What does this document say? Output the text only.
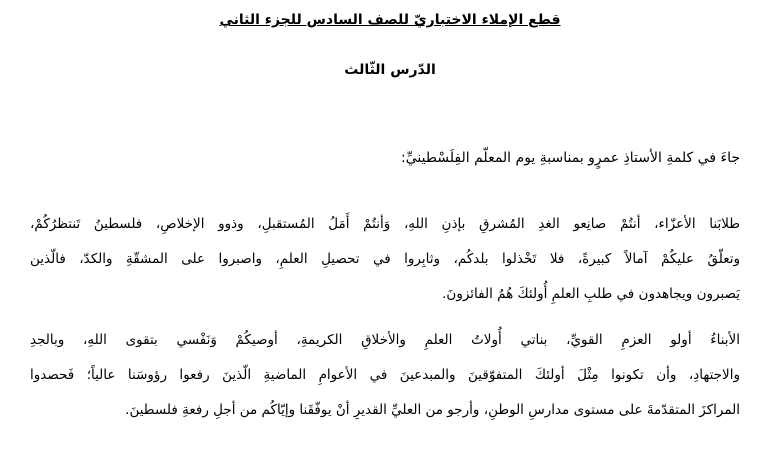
قطع الإملاء الاختباريّ للصف السادس للجزء الثاني
الدّرس الثّالث

جاءَ في كلمةِ الأستاذِ عمرٍو بمناسبةِ يوم المعلّم الفِلَسْطينيِّ:

طلابَنا الأعزّاء، أنتُمْ صانِعو الغدِ المُشرقِ بإذنِ اللهِ، وَأنتُمْ أَمَلُ المُستقبلِ، وذوو الإخلاصِ، فلسطينُ تَنتظرُكُمْ،
وتعلّقُ عليكُمْ آمالاً كبيرةً، فلا تَخْذلوا بلدكُم، وثابِروا في تحصيلِ العلمِ، واصبروا على المشقّةِ والكدّ، فالّذين
يَصبرون ويجاهدون في طلبِ العلمِ أُولئكَ هُمُ الفائزونَ.
الأبناءُ أولو العزمِ القويِّ، بناتي أُولاتُ العلمِ والأخلاقِ الكريمةِ، أوصيكُمْ وَنَفْسي بتقوى اللهِ، وبالجدِ
والاجتهادِ، وأن تكونوا مِثْلَ أولئكَ المتفوّقينَ والمبدعينَ في الأعوامِ الماضيةِ الّذينَ رفعوا رؤوسَنا عالياً؛ فَحصدوا
المراكزَ المتقدّمةَ على مستوى مدارسِ الوطنِ، وأرجو من العليِّ القديرِ أنْ يوفّقَنا وإيّاكُم من أجلِ رفعةِ فلسطينَ.
